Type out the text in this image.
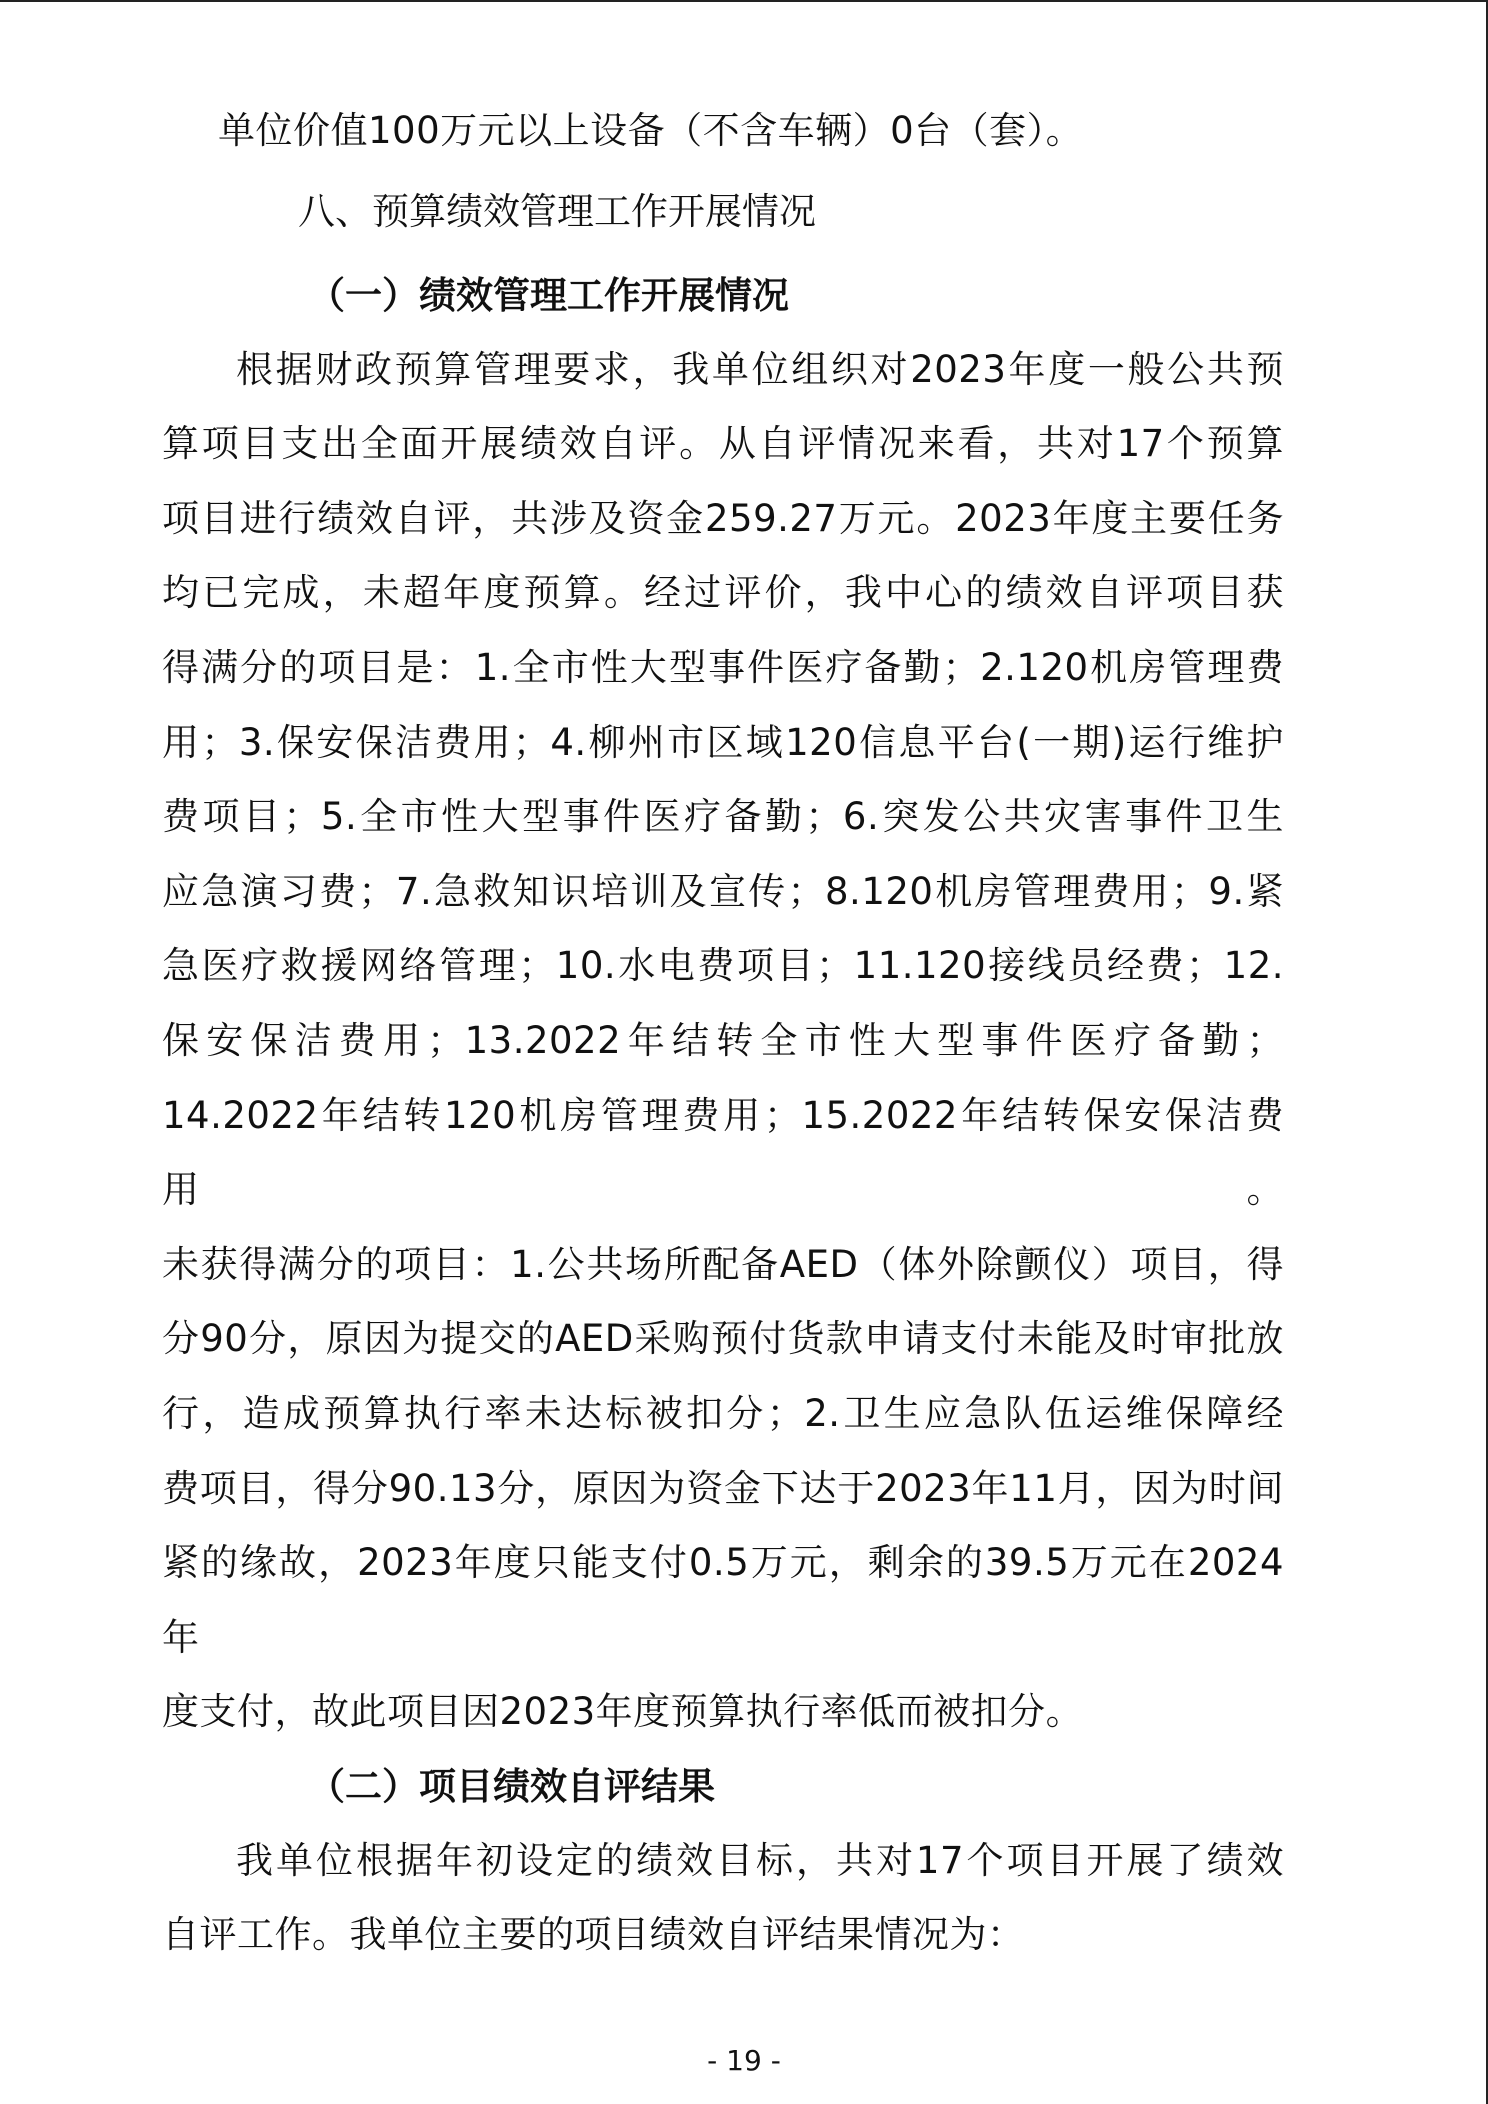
单位价值100万元以上设备（不含车辆）0台（套）。
八、预算绩效管理工作开展情况
（一）绩效管理工作开展情况
根据财政预算管理要求，我单位组织对2023年度一般公共预
算项目支出全面开展绩效自评。从自评情况来看，共对17个预算
项目进行绩效自评，共涉及资金259.27万元。2023年度主要任务
均已完成，未超年度预算。经过评价，我中心的绩效自评项目获
得满分的项目是：1.全市性大型事件医疗备勤；2.120机房管理费
用；3.保安保洁费用；4.柳州市区域120信息平台(一期)运行维护
费项目；5.全市性大型事件医疗备勤；6.突发公共灾害事件卫生
应急演习费；7.急救知识培训及宣传；8.120机房管理费用；9.紧
急医疗救援网络管理；10.水电费项目；11.120接线员经费；12.
保安保洁费用；13.2022年结转全市性大型事件医疗备勤；
14.2022年结转120机房管理费用；15.2022年结转保安保洁费用。
未获得满分的项目：1.公共场所配备AED（体外除颤仪）项目，得
分90分，原因为提交的AED采购预付货款申请支付未能及时审批放
行，造成预算执行率未达标被扣分；2.卫生应急队伍运维保障经
费项目，得分90.13分，原因为资金下达于2023年11月，因为时间
紧的缘故，2023年度只能支付0.5万元，剩余的39.5万元在2024年
度支付，故此项目因2023年度预算执行率低而被扣分。
（二）项目绩效自评结果
我单位根据年初设定的绩效目标，共对17个项目开展了绩效
自评工作。我单位主要的项目绩效自评结果情况为：
- 19 -
